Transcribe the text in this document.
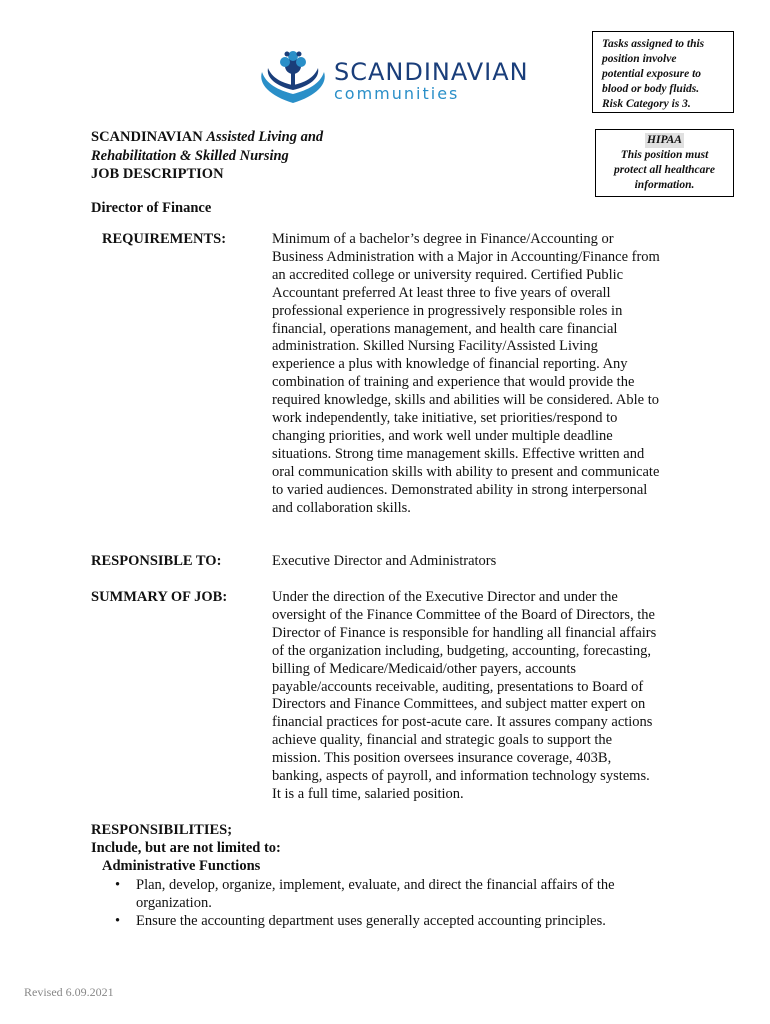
SCANDINAVIAN
communities

Tasks assigned to this

position involve

potential exposure to

blood or body fluids.

Risk Category is 3.

HIPAA

This position must

protect all healthcare

information.

SCANDINAVIAN Assisted Living and
Rehabilitation & Skilled Nursing
JOB DESCRIPTION
Director of Finance
REQUIREMENTS:	Minimum of a bachelor’s degree in Finance/Accounting or

Business Administration with a Major in Accounting/Finance from

an accredited college or university required. Certified Public

Accountant preferred At least three to five years of overall

professional experience in progressively responsible roles in

financial, operations management, and health care financial

administration. Skilled Nursing Facility/Assisted Living

experience a plus with knowledge of financial reporting. Any

combination of training and experience that would provide the

required knowledge, skills and abilities will be considered. Able to

work independently, take initiative, set priorities/respond to

changing priorities, and work well under multiple deadline

situations. Strong time management skills. Effective written and

oral communication skills with ability to present and communicate

to varied audiences. Demonstrated ability in strong interpersonal

and collaboration skills.

RESPONSIBLE TO:	Executive Director and Administrators
SUMMARY OF JOB:	Under the direction of the Executive Director and under the

oversight of the Finance Committee of the Board of Directors, the

Director of Finance is responsible for handling all financial affairs

of the organization including, budgeting, accounting, forecasting,

billing of Medicare/Medicaid/other payers, accounts

payable/accounts receivable, auditing, presentations to Board of

Directors and Finance Committees, and subject matter expert on

financial practices for post-acute care. It assures company actions

achieve quality, financial and strategic goals to support the

mission. This position oversees insurance coverage, 403B,

banking, aspects of payroll, and information technology systems.

It is a full time, salaried position.

RESPONSIBILITIES;
Include, but are not limited to:
Administrative Functions
• Plan, develop, organize, implement, evaluate, and direct the financial affairs of the
organization.
• Ensure the accounting department uses generally accepted accounting principles.
Revised 6.09.2021
